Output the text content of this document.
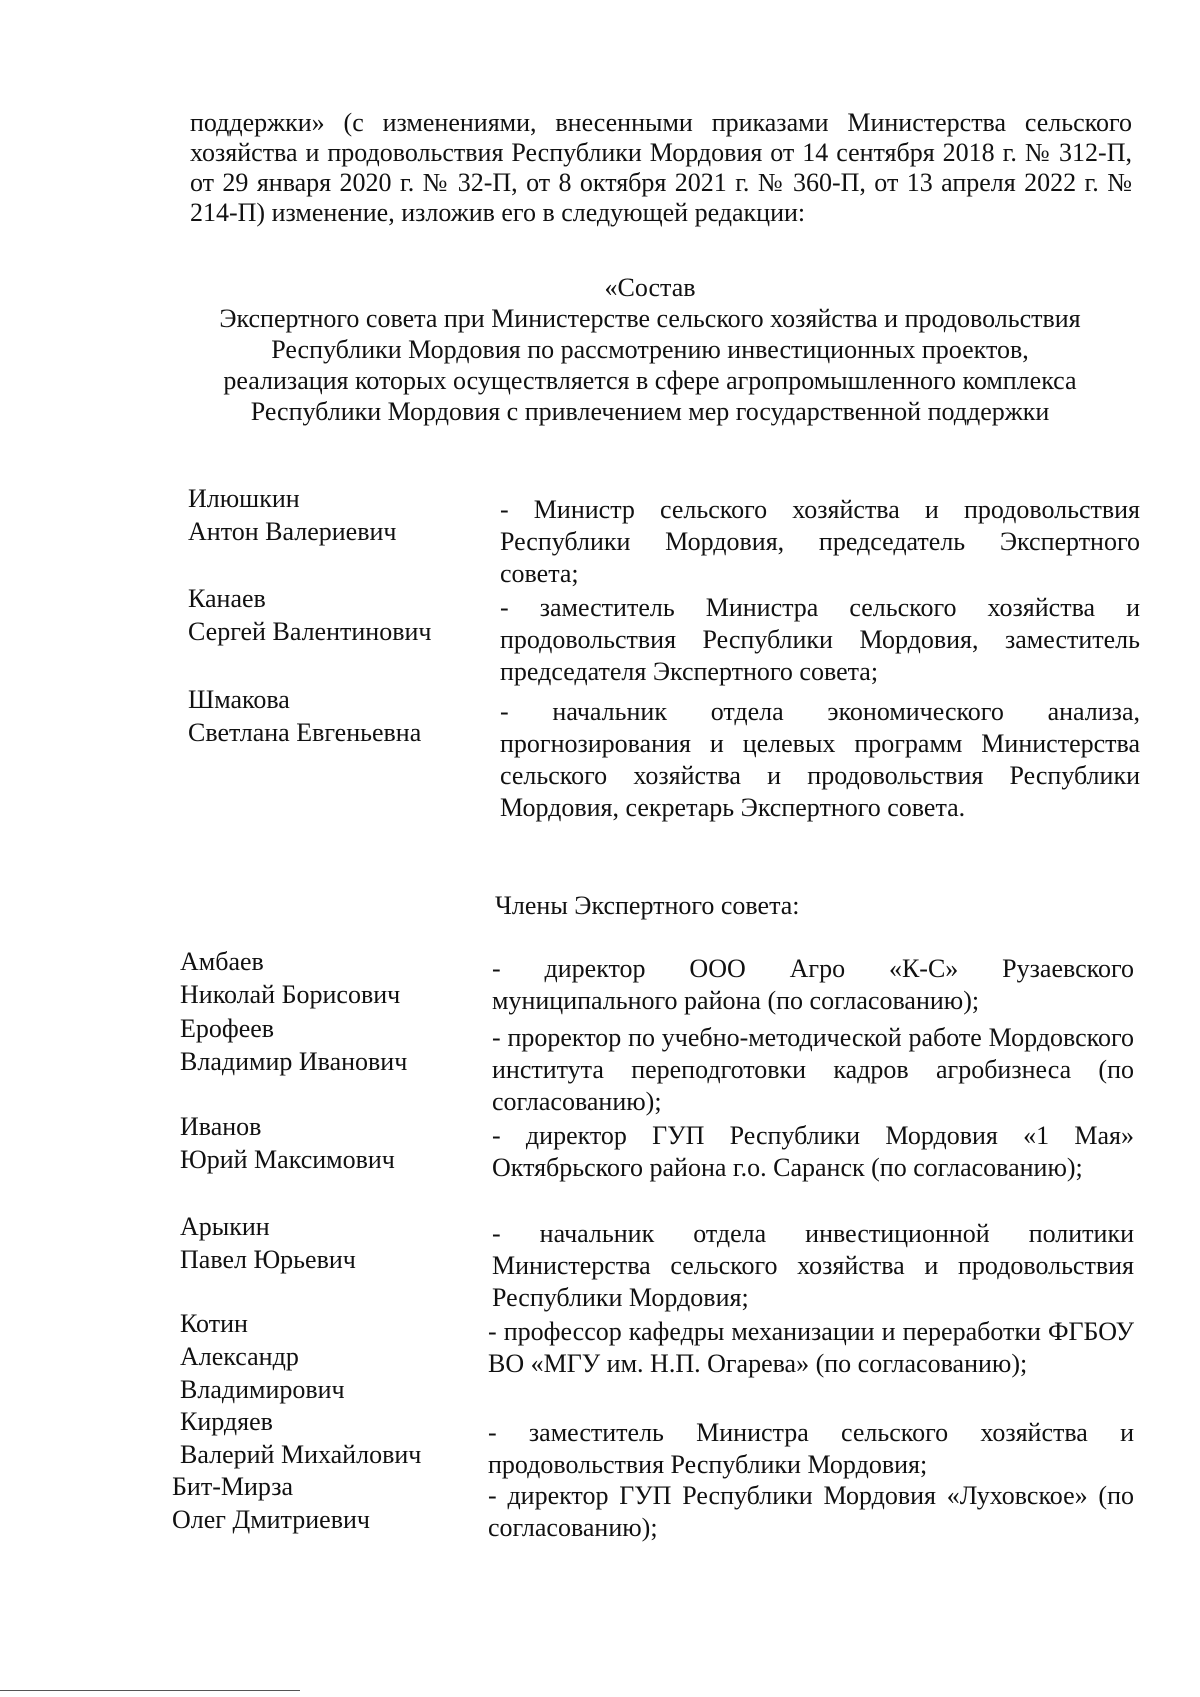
поддержки» (с изменениями, внесенными приказами Министерства сельского хозяйства и продовольствия Республики Мордовия от 14 сентября 2018 г. № 312-П, от 29 января 2020 г. № 32-П, от 8 октября 2021 г. № 360-П, от 13 апреля 2022 г. № 214-П) изменение, изложив его в следующей редакции:

«Состав
Экспертного совета при Министерстве сельского хозяйства и продовольствия
Республики Мордовия по рассмотрению инвестиционных проектов,
реализация которых осуществляется в сфере агропромышленного комплекса
Республики Мордовия с привлечением мер государственной поддержки
Илюшкин
Антон Валериевич
- Министр сельского хозяйства и продовольствия Республики Мордовия, председатель Экспертного совета;
Канаев
Сергей Валентинович
- заместитель Министра сельского хозяйства и продовольствия Республики Мордовия, заместитель председателя Экспертного совета;
Шмакова
Светлана Евгеньевна
- начальник отдела экономического анализа, прогнозирования и целевых программ Министерства сельского хозяйства и продовольствия Республики Мордовия, секретарь Экспертного совета.
Члены Экспертного совета:
Амбаев
Николай Борисович
- директор ООО Агро «К-С» Рузаевского муниципального района (по согласованию);
Ерофеев
Владимир Иванович
- проректор по учебно-методической работе Мордовского института переподготовки кадров агробизнеса (по согласованию);
Иванов
Юрий Максимович
- директор ГУП Республики Мордовия «1 Мая» Октябрьского района г.о. Саранск (по согласованию);
Арыкин
Павел Юрьевич
- начальник отдела инвестиционной политики Министерства сельского хозяйства и продовольствия Республики Мордовия;
Котин
Александр
Владимирович
- профессор кафедры механизации и переработки ФГБОУ ВО «МГУ им. Н.П. Огарева» (по согласованию);
Кирдяев
Валерий Михайлович
- заместитель Министра сельского хозяйства и продовольствия Республики Мордовия;
Бит-Мирза
Олег Дмитриевич
- директор ГУП Республики Мордовия «Луховское» (по согласованию);
